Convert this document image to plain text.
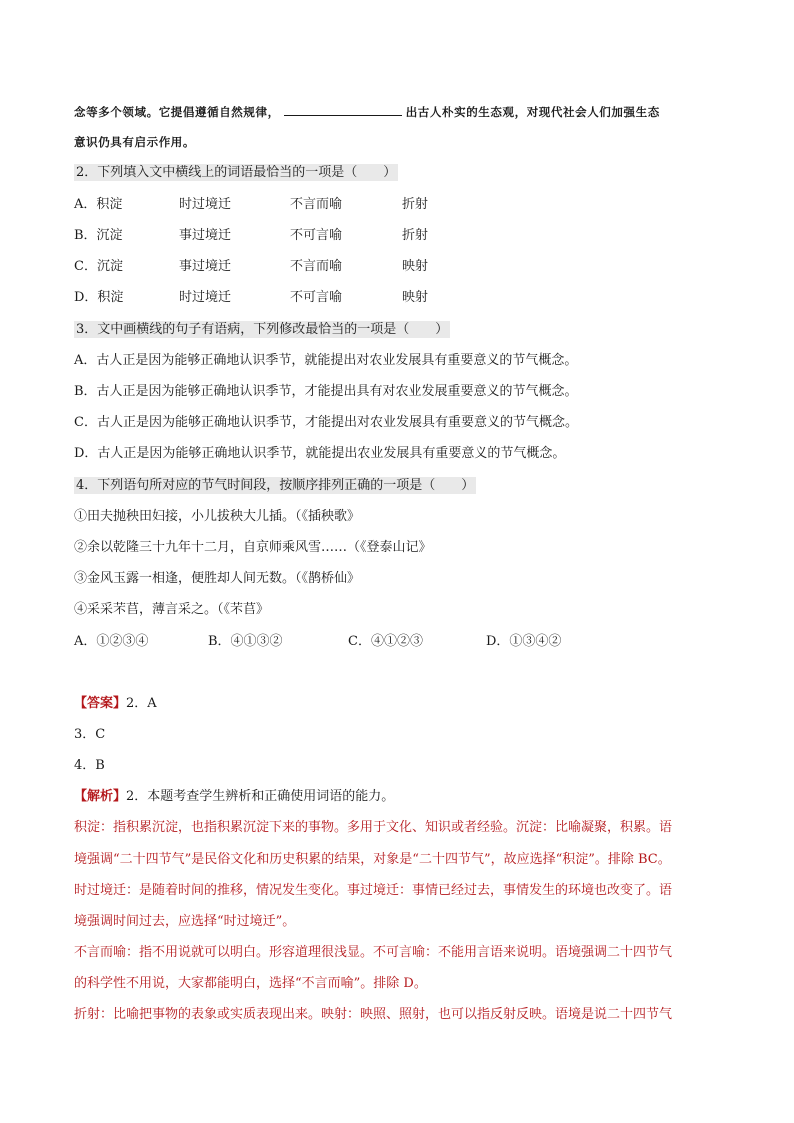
念等多个领域。它提倡遵循自然规律，	出古人朴实的生态观，对现代社会人们加强生态
意识仍具有启示作用。
2．下列填入文中横线上的词语最恰当的一项是（　　）
A．积淀	时过境迁	不言而喻	折射
B．沉淀	事过境迁	不可言喻	折射
C．沉淀	事过境迁	不言而喻	映射
D．积淀	时过境迁	不可言喻	映射
3．文中画横线的句子有语病，下列修改最恰当的一项是（　　）
A．古人正是因为能够正确地认识季节，就能提出对农业发展具有重要意义的节气概念。
B．古人正是因为能够正确地认识季节，才能提出具有对农业发展重要意义的节气概念。
C．古人正是因为能够正确地认识季节，才能提出对农业发展具有重要意义的节气概念。
D．古人正是因为能够正确地认识季节，就能提出农业发展具有重要意义的节气概念。
4．下列语句所对应的节气时间段，按顺序排列正确的一项是（　　）
①田夫抛秧田妇接，小儿拔秧大儿插。（《插秧歌》
②余以乾隆三十九年十二月，自京师乘风雪……（《登泰山记》
③金风玉露一相逢，便胜却人间无数。（《鹊桥仙》
④采采芣苢，薄言采之。（《芣苢》
A．①②③④	B．④①③②	C．④①②③	D．①③④②
【答案】2．A
3．C
4．B
【解析】2．本题考查学生辨析和正确使用词语的能力。
积淀：指积累沉淀，也指积累沉淀下来的事物。多用于文化、知识或者经验。沉淀：比喻凝聚，积累。语
境强调“二十四节气”是民俗文化和历史积累的结果，对象是“二十四节气”，故应选择“积淀”。排除 BC。
时过境迁：是随着时间的推移，情况发生变化。事过境迁：事情已经过去，事情发生的环境也改变了。语
境强调时间过去，应选择“时过境迁”。
不言而喻：指不用说就可以明白。形容道理很浅显。不可言喻：不能用言语来说明。语境强调二十四节气
的科学性不用说，大家都能明白，选择“不言而喻”。排除 D。
折射：比喻把事物的表象或实质表现出来。映射：映照、照射，也可以指反射反映。语境是说二十四节气
